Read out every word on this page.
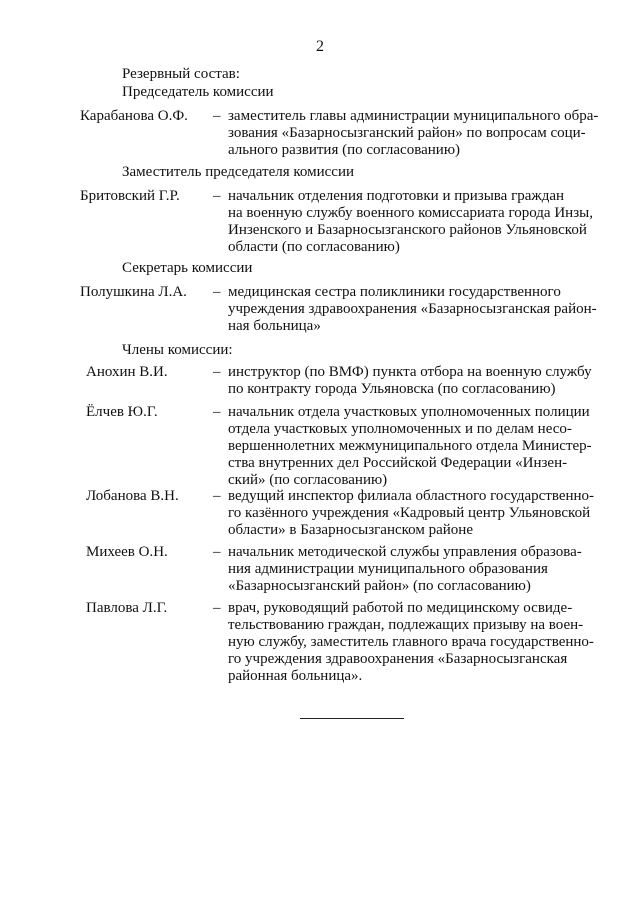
2
Резервный состав:
Председатель комиссии
Карабанова О.Ф.	– заместитель главы администрации муниципального обра-
зования «Базарносызганский район» по вопросам соци-
ального развития (по согласованию)
Заместитель председателя комиссии
Бритовский Г.Р.	– начальник отделения подготовки и призыва граждан
на военную службу военного комиссариата города Инзы,
Инзенского и Базарносызганского районов Ульяновской
области (по согласованию)
Секретарь комиссии
Полушкина Л.А.	– медицинская сестра поликлиники государственного
учреждения здравоохранения «Базарносызганская район-
ная больница»
Члены комиссии:
Анохин В.И.	– инструктор (по ВМФ) пункта отбора на военную службу
по контракту города Ульяновска (по согласованию)
Ёлчев Ю.Г.	– начальник отдела участковых уполномоченных полиции
отдела участковых уполномоченных и по делам несо-
вершеннолетних межмуниципального отдела Министер-
ства внутренних дел Российской Федерации «Инзен-
ский» (по согласованию)
Лобанова В.Н.	– ведущий инспектор филиала областного государственно-
го казённого учреждения «Кадровый центр Ульяновской
области» в Базарносызганском районе
Михеев О.Н.	– начальник методической службы управления образова-
ния администрации муниципального образования
«Базарносызганский район» (по согласованию)
Павлова Л.Г.	– врач, руководящий работой по медицинскому освиде-
тельствованию граждан, подлежащих призыву на воен-
ную службу, заместитель главного врача государственно-
го учреждения здравоохранения «Базарносызганская
районная больница».
